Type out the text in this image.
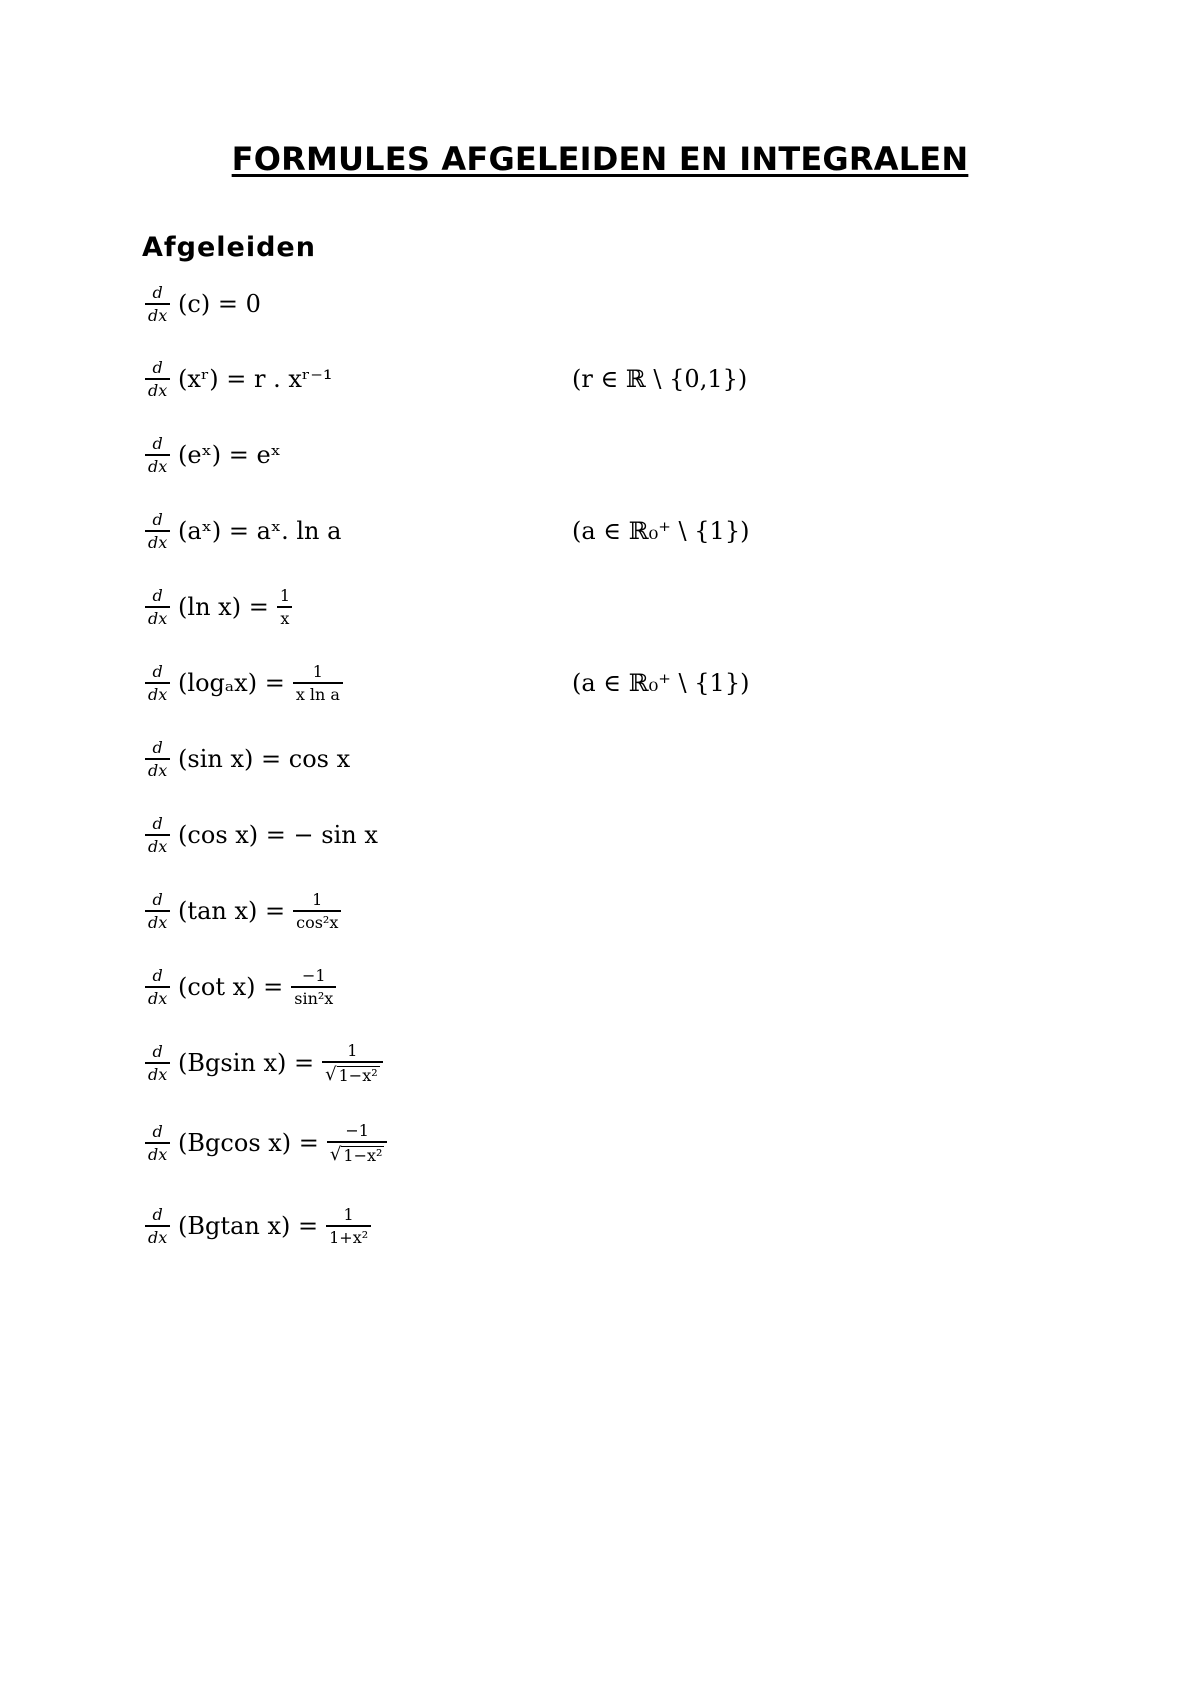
FORMULES AFGELEIDEN EN INTEGRALEN
Afgeleiden
$\frac{d}{dx} (c) = 0$
$\frac{d}{dx}$  (xʳ) = r . xʳ⁻¹	(r ∈ ℝ \ {0,1})
$\frac{d}{dx}$  (eˣ) = eˣ
$\frac{d}{dx}$  (aˣ) = aˣ. ln a	(a ∈ ℝ₀⁺ \ {1})
$\frac{d}{dx} (\ln$ $x) = \frac{1}{x}$
$\frac{d}{dx} (\log_ax) = \frac{1}{\text{x ln a}}$	(a ∈ ℝ₀⁺ \ {1})
$\frac{d}{dx} (\sin$ x) = cos x
$\frac{d}{dx} (\cos$ x) = − sin x
$\frac{d}{dx} (\tan$ $x) = \frac{1}{\text{cos²x}}$
$\frac{d}{dx} (\cot$ $x) = \frac{-1}{\text{sin²x}}$
$\frac{d}{dx} (Bgsin$ $x) = \frac{1}{\text{√ 1−x²}}$
$\frac{d}{dx} (Bgcos$ $x) = \frac{-1}{\text{√ 1−x²}}$
$\frac{d}{dx} (Bgtan$ $x) = \frac{1}{\text{1+x²}}$
